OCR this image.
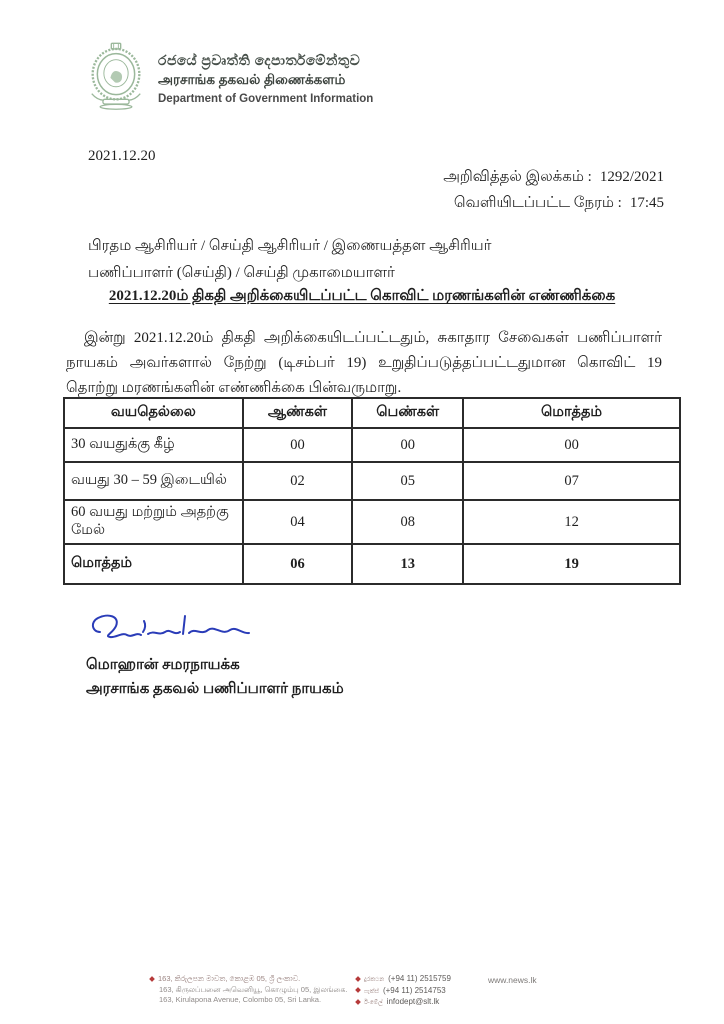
රජයේ ප්‍රවෘත්ති දෙපාර්තමේන්තුව
அரசாங்க தகவல் திணைக்களம்
Department of Government Information
2021.12.20
அறிவித்தல் இலக்கம் : 1292/2021
வெளியிடப்பட்ட நேரம் : 17:45
பிரதம ஆசிரியர் / செய்தி ஆசிரியர் / இணையத்தள ஆசிரியர்
பணிப்பாளர் (செய்தி) / செய்தி முகாமையாளர்
2021.12.20ம் திகதி அறிக்கையிடப்பட்ட கொவிட் மரணங்களின் எண்ணிக்கை
இன்று 2021.12.20ம் திகதி அறிக்கையிடப்பட்டதும், சுகாதார சேவைகள் பணிப்பாளர் நாயகம் அவர்களால் நேற்று (டிசம்பர் 19) உறுதிப்படுத்தப்பட்டதுமான கொவிட் 19 தொற்று மரணங்களின் எண்ணிக்கை பின்வருமாறு.
வயதெல்லை	ஆண்கள்	பெண்கள்	மொத்தம்
30 வயதுக்கு கீழ்	00	00	00
வயது 30 – 59 இடையில்	02	05	07
60 வயது மற்றும் அதற்கு மேல்	04	08	12
மொத்தம்	06	13	19
மொஹான் சமரநாயக்க
அரசாங்க தகவல் பணிப்பாளர் நாயகம்
163, කිරුලපන මාවත, කොළඹ 05, ශ්‍රී ලංකාව.
163, கிருலப்பனை அவெனியூ, கொழும்பு 05, இலங்கை.
163, Kirulapona Avenue, Colombo 05, Sri Lanka.
දුරකථන (+94 11) 2515759
ෆැක්ස් (+94 11) 2514753
ඊ-මේල් infodept@slt.lk
www.news.lk
